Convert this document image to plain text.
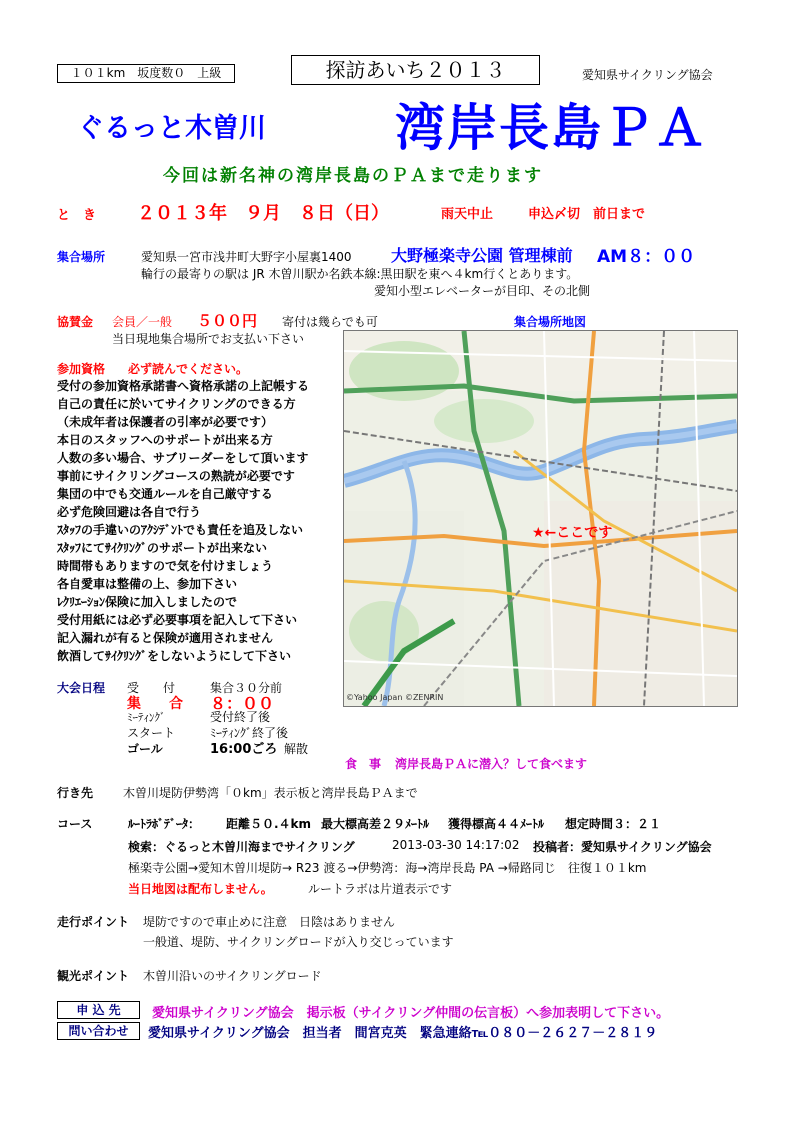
１０１km　坂度数０　上級	探訪あいち２０１３	愛知県サイクリング協会
ぐるっと木曽川	湾岸長島ＰＡ
今回は新名神の湾岸長島のＰＡまで走ります
と　き ２０１３年　９月　８日（日）	雨天中止	申込〆切　前日まで
集合場所	愛知県一宮市浅井町大野字小屋裏1400 大野極楽寺公園 管理棟前 AM８：００
輪行の最寄りの駅は JR 木曽川駅か名鉄本線:黒田駅を東へ４km行くとあります。
愛知小型エレベーターが目印、その北側
協賛金 会員／一般 ５００円 寄付は幾らでも可
当日現地集合場所でお支払い下さい
集合場所地図
★←ここです
©Yahoo Japan ©ZENRIN
参加資格 必ず読んでください。
受付の参加資格承諾書へ資格承諾の上記帳する
自己の責任に於いてサイクリングのできる方
（未成年者は保護者の引率が必要です）
本日のスタッフへのサポートが出来る方
人数の多い場合、サブリーダーをして頂います
事前にサイクリングコースの熟読が必要です
集団の中でも交通ルールを自己厳守する
必ず危険回避は各自で行う
ｽﾀｯﾌの手違いのｱｸｼﾃﾞﾝﾄでも責任を追及しない
ｽﾀｯﾌにてｻｲｸﾘﾝｸﾞのサポートが出来ない
時間帯もありますので気を付けましょう
各自愛車は整備の上、参加下さい
ﾚｸﾘｴｰｼｮﾝ保険に加入しましたので
受付用紙には必ず必要事項を記入して下さい
記入漏れが有ると保険が適用されません
飲酒してｻｲｸﾘﾝｸﾞをしないようにして下さい
大会日程 受　　付	集合３０分前
集　　合 ８：００
ﾐｰﾃｨﾝｸﾞ	受付終了後
スタート	ﾐｰﾃｨﾝｸﾞ終了後
ゴール	16:00ごろ 解散
食　事 湾岸長島ＰＡに潜入？して食べます
行き先 木曽川堤防伊勢湾「０km」表示板と湾岸長島ＰＡまで
コース	ﾙｰﾄﾗﾎﾞﾃﾞｰﾀ： 距離５０.４km 最大標高差２９ﾒｰﾄﾙ 獲得標高４４ﾒｰﾄﾙ 想定時間３：２１
検索：ぐるっと木曽川海までサイクリング	2013-03-30 14:17:02 投稿者：愛知県サイクリング協会
極楽寺公園→愛知木曽川堤防→ R23 渡る→伊勢湾：海→湾岸長島 PA →帰路同じ　往復１０１km
当日地図は配布しません。	ルートラボは片道表示です
走行ポイント 堤防ですので車止めに注意　日陰はありません
一般道、堤防、サイクリングロードが入り交じっています
観光ポイント 木曽川沿いのサイクリングロード
申 込 先	愛知県サイクリング協会　掲示板（サイクリング仲間の伝言板）へ参加表明して下さい。
問い合わせ	愛知県サイクリング協会　担当者　間宮克英　緊急連絡℡０８０－２６２７－２８１９
